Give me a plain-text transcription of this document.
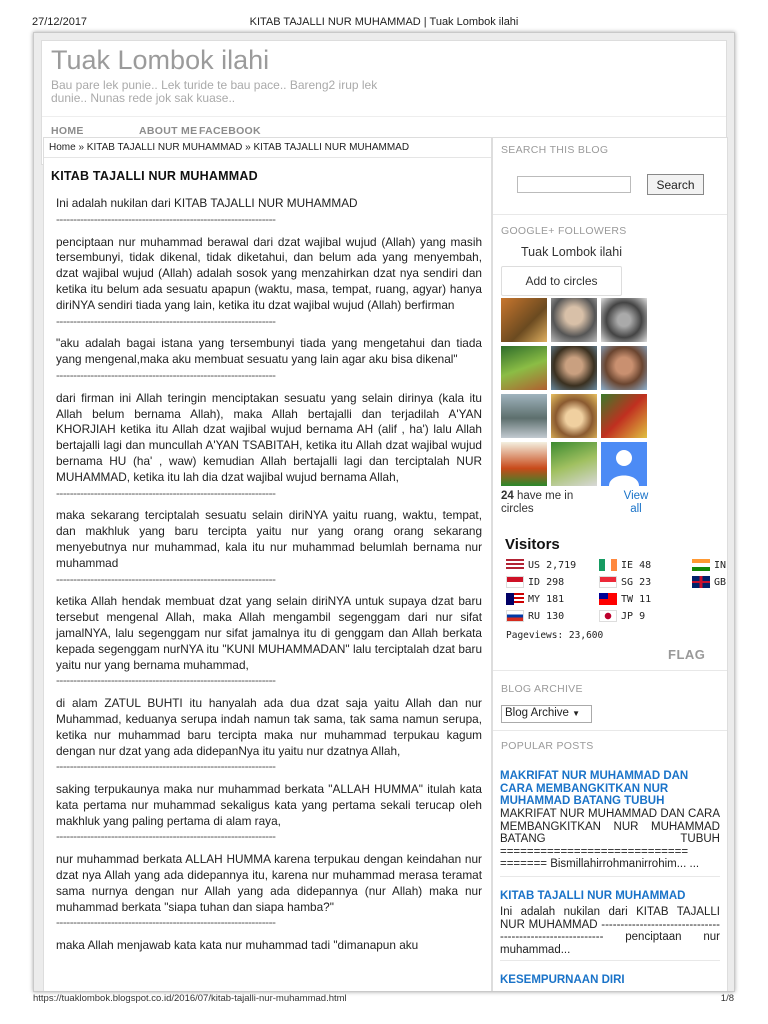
27/12/2017	KITAB TAJALLI NUR MUHAMMAD | Tuak Lombok ilahi
Tuak Lombok ilahi
Bau pare lek punie.. Lek turide te bau pace.. Bareng2 irup lek dunie.. Nunas rede jok sak kuase..
HOME	ABOUT ME FACEBOOK
Home » KITAB TAJALLI NUR MUHAMMAD » KITAB TAJALLI NUR MUHAMMAD
KITAB TAJALLI NUR MUHAMMAD

Ini adalah nukilan dari KITAB TAJALLI NUR MUHAMMAD

----------------------------------------------------------------

penciptaan nur muhammad berawal dari dzat wajibal wujud (Allah) yang masih tersembunyi, tidak dikenal, tidak diketahui, dan belum ada yang menyembah, dzat wajibal wujud (Allah) adalah sosok yang menzahirkan dzat nya sendiri dan ketika itu belum ada sesuatu apapun (waktu, masa, tempat, ruang, agyar) hanya diriNYA sendiri tiada yang lain, ketika itu dzat wajibal wujud (Allah) berfirman

----------------------------------------------------------------

"aku adalah bagai istana yang tersembunyi tiada yang mengetahui dan tiada yang mengenal,maka aku membuat sesuatu yang lain agar aku bisa dikenal"

----------------------------------------------------------------

dari firman ini Allah teringin menciptakan sesuatu yang selain dirinya (kala itu Allah belum bernama Allah), maka Allah bertajalli dan terjadilah A'YAN KHORJIAH ketika itu Allah dzat wajibal wujud bernama AH (alif , ha') lalu Allah bertajalli lagi dan muncullah A'YAN TSABITAH, ketika itu Allah dzat wajibal wujud bernama HU (ha' , waw) kemudian Allah bertajalli lagi dan terciptalah NUR MUHAMMAD, ketika itu lah dia dzat wajibal wujud bernama Allah,

----------------------------------------------------------------

maka sekarang terciptalah sesuatu selain diriNYA yaitu ruang, waktu, tempat, dan makhluk yang baru tercipta yaitu nur yang orang orang sekarang menyebutnya nur muhammad, kala itu nur muhammad belumlah bernama nur muhammad

----------------------------------------------------------------

ketika Allah hendak membuat dzat yang selain diriNYA untuk supaya dzat baru tersebut mengenal Allah, maka Allah mengambil segenggam dari nur sifat jamalNYA, lalu segenggam nur sifat jamalnya itu di genggam dan Allah berkata kepada segenggam nurNYA itu "KUNI MUHAMMADAN" lalu terciptalah dzat baru yaitu nur yang bernama muhammad,

----------------------------------------------------------------

di alam ZATUL BUHTI itu hanyalah ada dua dzat saja yaitu Allah dan nur Muhammad, keduanya serupa indah namun tak sama, tak sama namun serupa, ketika nur muhammad baru tercipta maka nur muhammad terpukau kagum dengan nur dzat yang ada didepanNya itu yaitu nur dzatnya Allah,

----------------------------------------------------------------

saking terpukaunya maka nur muhammad berkata "ALLAH HUMMA" itulah kata kata pertama nur muhammad sekaligus kata yang pertama sekali terucap oleh makhluk yang paling pertama di alam raya,

----------------------------------------------------------------

nur muhammad berkata ALLAH HUMMA karena terpukau dengan keindahan nur dzat nya Allah yang ada didepannya itu, karena nur muhammad merasa teramat sama nurnya dengan nur Allah yang ada didepannya (nur Allah) maka nur muhammad berkata "siapa tuhan dan siapa hamba?"

----------------------------------------------------------------

maka Allah menjawab kata kata nur muhammad tadi "dimanapun aku

SEARCH THIS BLOG
Search
GOOGLE+ FOLLOWERS
Tuak Lombok ilahi
Add to circles
24 have me in circles
View all
Visitors
US 2,719	IE 48	IN
ID 298	SG 23	GB
MY 181	TW 11
RU 130	JP 9
Pageviews: 23,600
FLAG
BLOG ARCHIVE
Blog Archive ▼
POPULAR POSTS
MAKRIFAT NUR MUHAMMAD DAN CARA MEMBANGKITKAN NUR MUHAMMAD BATANG TUBUH
MAKRIFAT NUR MUHAMMAD DAN CARA MEMBANGKITKAN NUR MUHAMMAD BATANG TUBUH ============================ ======= Bismillahirrohmanirrohim... ...
KITAB TAJALLI NUR MUHAMMAD
Ini adalah nukilan dari KITAB TAJALLI NUR MUHAMMAD ---------------------------------------------------------- penciptaan nur muhammad...
KESEMPURNAAN DIRI
https://tuaklombok.blogspot.co.id/2016/07/kitab-tajalli-nur-muhammad.html	1/8
